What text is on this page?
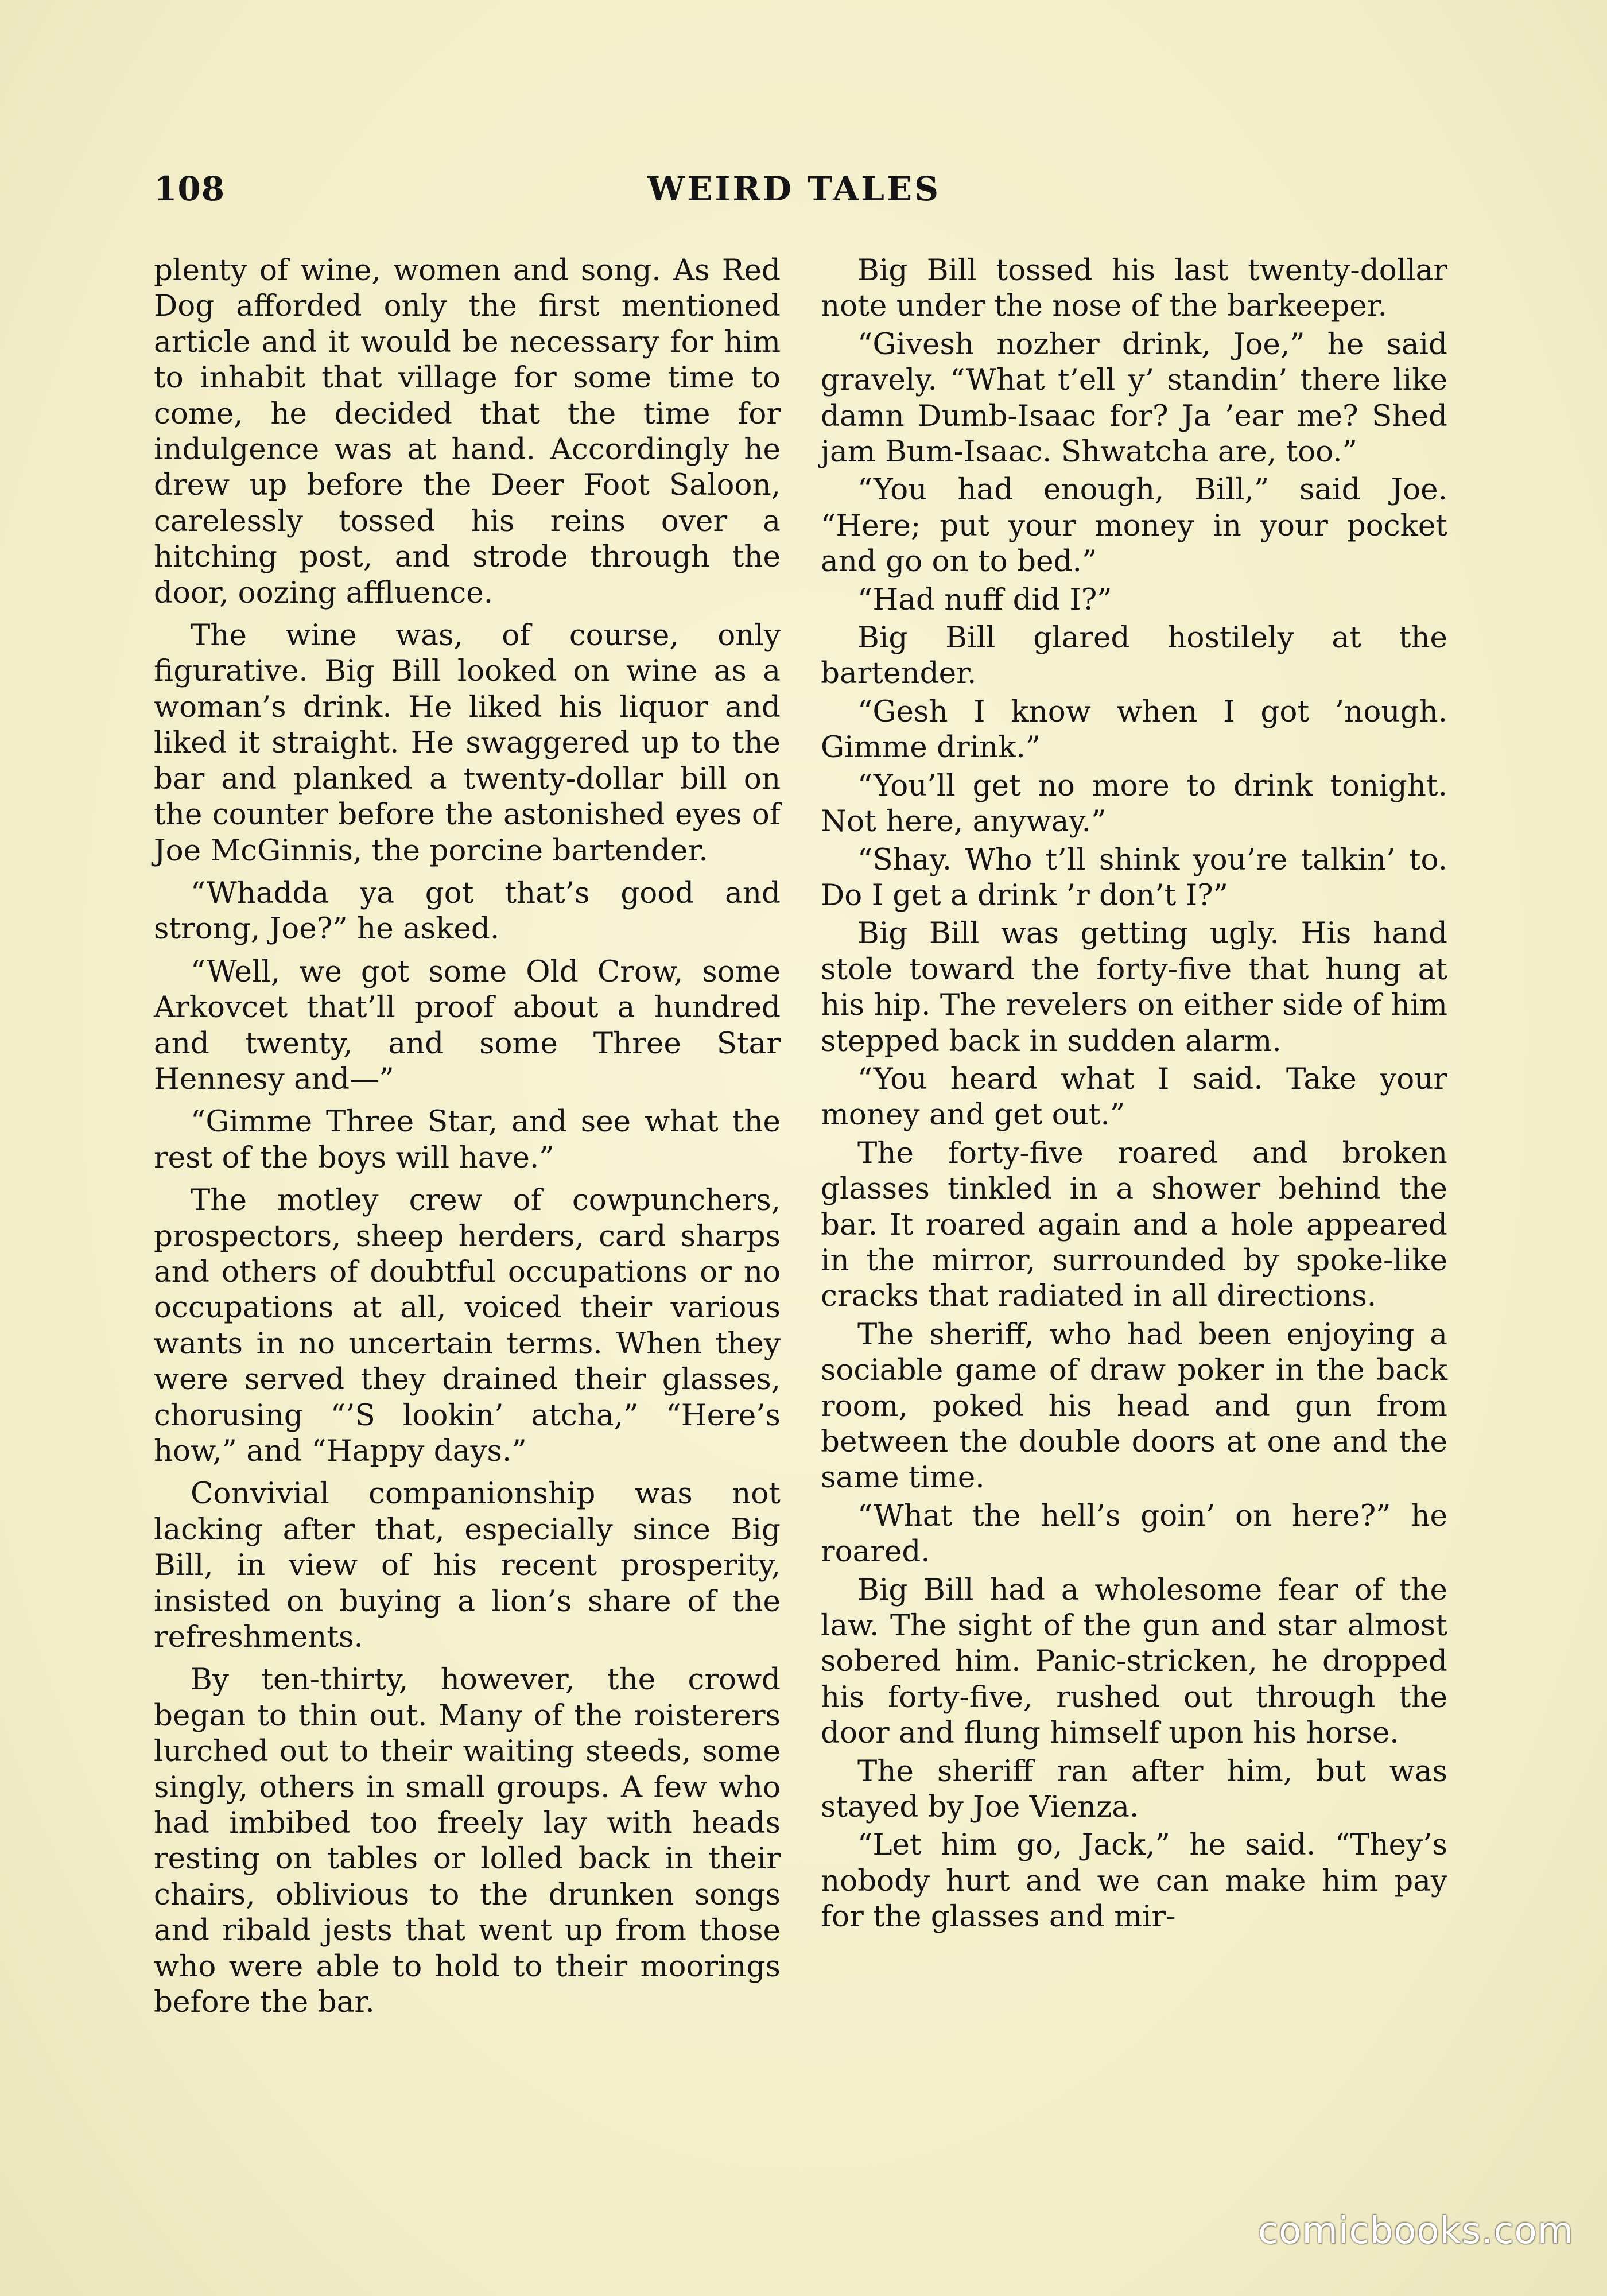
108	WEIRD TALES

plenty of wine, women and song. As Red Dog afforded only the first mentioned article and it would be necessary for him to inhabit that village for some time to come, he decided that the time for indulgence was at hand. Accordingly he drew up before the Deer Foot Saloon, carelessly tossed his reins over a hitching post, and strode through the door, oozing affluence.

The wine was, of course, only figurative. Big Bill looked on wine as a woman’s drink. He liked his liquor and liked it straight. He swaggered up to the bar and planked a twenty-dollar bill on the counter before the astonished eyes of Joe McGinnis, the porcine bartender.

“Whadda ya got that’s good and strong, Joe?” he asked.

“Well, we got some Old Crow, some Arkovcet that’ll proof about a hundred and twenty, and some Three Star Hennesy and—”

“Gimme Three Star, and see what the rest of the boys will have.”

The motley crew of cowpunchers, prospectors, sheep herders, card sharps and others of doubtful occupations or no occupations at all, voiced their various wants in no uncertain terms. When they were served they drained their glasses, chorusing “’S lookin’ atcha,” “Here’s how,” and “Happy days.”

Convivial companionship was not lacking after that, especially since Big Bill, in view of his recent prosperity, insisted on buying a lion’s share of the refreshments.

By ten-thirty, however, the crowd began to thin out. Many of the roisterers lurched out to their waiting steeds, some singly, others in small groups. A few who had imbibed too freely lay with heads resting on tables or lolled back in their chairs, oblivious to the drunken songs and ribald jests that went up from those who were able to hold to their moorings before the bar.

Big Bill tossed his last twenty-dollar note under the nose of the barkeeper.

“Givesh nozher drink, Joe,” he said gravely. “What t’ell y’ standin’ there like damn Dumb-Isaac for? Ja ’ear me? Shed jam Bum-Isaac. Shwatcha are, too.”

“You had enough, Bill,” said Joe. “Here; put your money in your pocket and go on to bed.”

“Had nuff did I?”

Big Bill glared hostilely at the bartender.

“Gesh I know when I got ’nough. Gimme drink.”

“You’ll get no more to drink tonight. Not here, anyway.”

“Shay. Who t’ll shink you’re talkin’ to. Do I get a drink ’r don’t I?”

Big Bill was getting ugly. His hand stole toward the forty-five that hung at his hip. The revelers on either side of him stepped back in sudden alarm.

“You heard what I said. Take your money and get out.”

The forty-five roared and broken glasses tinkled in a shower behind the bar. It roared again and a hole appeared in the mirror, surrounded by spoke-like cracks that radiated in all directions.

The sheriff, who had been enjoying a sociable game of draw poker in the back room, poked his head and gun from between the double doors at one and the same time.

“What the hell’s goin’ on here?” he roared.

Big Bill had a wholesome fear of the law. The sight of the gun and star almost sobered him. Panic-stricken, he dropped his forty-five, rushed out through the door and flung himself upon his horse.

The sheriff ran after him, but was stayed by Joe Vienza.

“Let him go, Jack,” he said. “They’s nobody hurt and we can make him pay for the glasses and mir-

comicbooks.com
